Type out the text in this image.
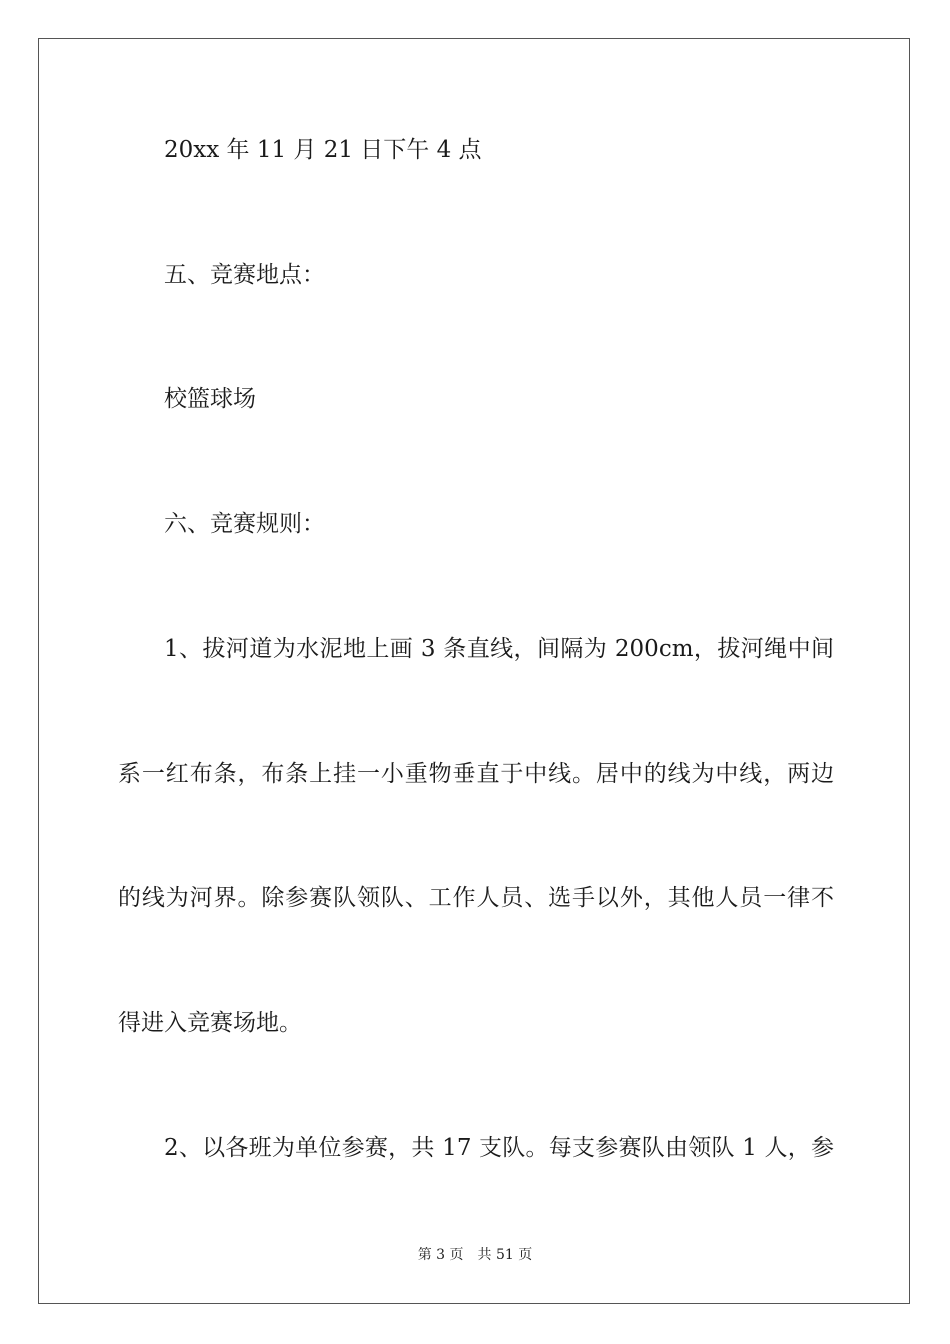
20xx 年 11 月 21 日下午 4 点
五、竞赛地点：
校篮球场
六、竞赛规则：
1、拔河道为水泥地上画 3 条直线，间隔为 200cm，拔河绳中间
系一红布条，布条上挂一小重物垂直于中线。居中的线为中线，两边
的线为河界。除参赛队领队、工作人员、选手以外，其他人员一律不
得进入竞赛场地。
2、以各班为单位参赛，共 17 支队。每支参赛队由领队 1 人，参
第 3 页 共 51 页
